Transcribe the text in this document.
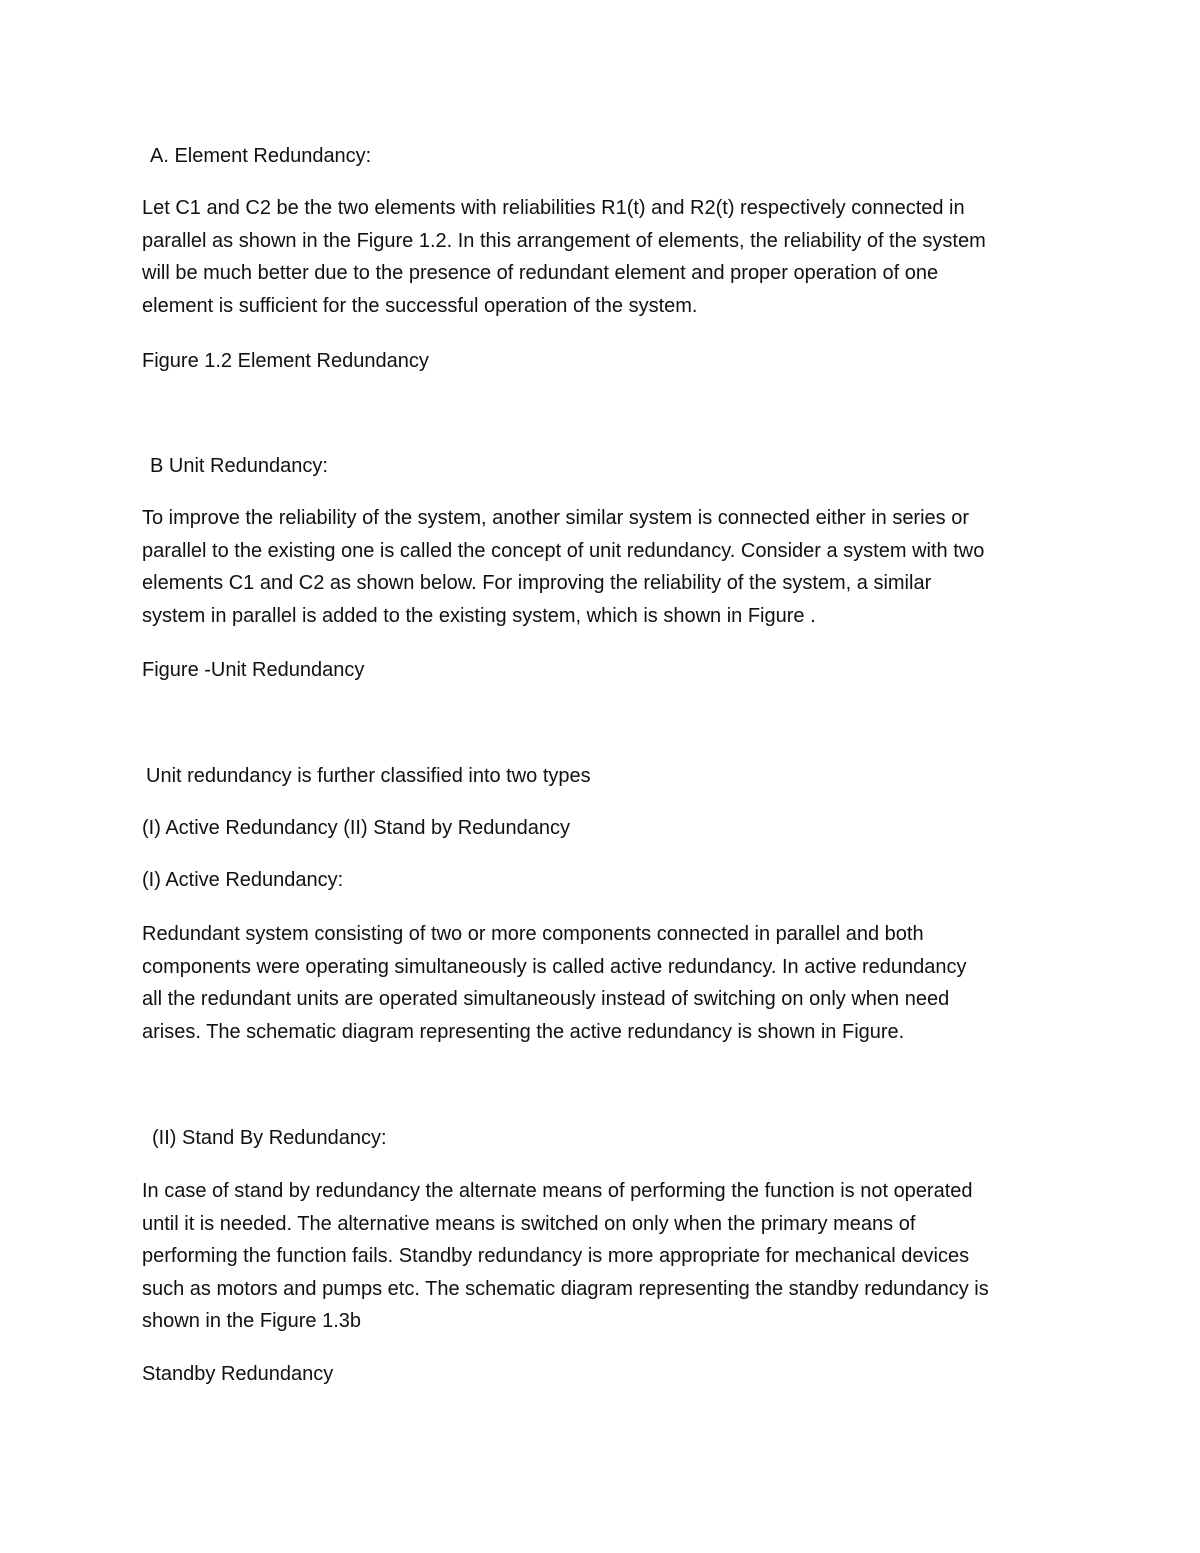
A. Element Redundancy:

Let C1 and C2 be the two elements with reliabilities R1(t) and R2(t) respectively connected in
parallel as shown in the Figure 1.2. In this arrangement of elements, the reliability of the system
will be much better due to the presence of redundant element and proper operation of one
element is sufficient for the successful operation of the system.

Figure 1.2 Element Redundancy

B Unit Redundancy:

To improve the reliability of the system, another similar system is connected either in series or
parallel to the existing one is called the concept of unit redundancy. Consider a system with two
elements C1 and C2 as shown below. For improving the reliability of the system, a similar
system in parallel is added to the existing system, which is shown in Figure .

Figure -Unit Redundancy

Unit redundancy is further classified into two types

(I) Active Redundancy (II) Stand by Redundancy

(I) Active Redundancy:

Redundant system consisting of two or more components connected in parallel and both
components were operating simultaneously is called active redundancy. In active redundancy
all the redundant units are operated simultaneously instead of switching on only when need
arises. The schematic diagram representing the active redundancy is shown in Figure.

(II) Stand By Redundancy:

In case of stand by redundancy the alternate means of performing the function is not operated
until it is needed. The alternative means is switched on only when the primary means of
performing the function fails. Standby redundancy is more appropriate for mechanical devices
such as motors and pumps etc. The schematic diagram representing the standby redundancy is
shown in the Figure 1.3b

Standby Redundancy
